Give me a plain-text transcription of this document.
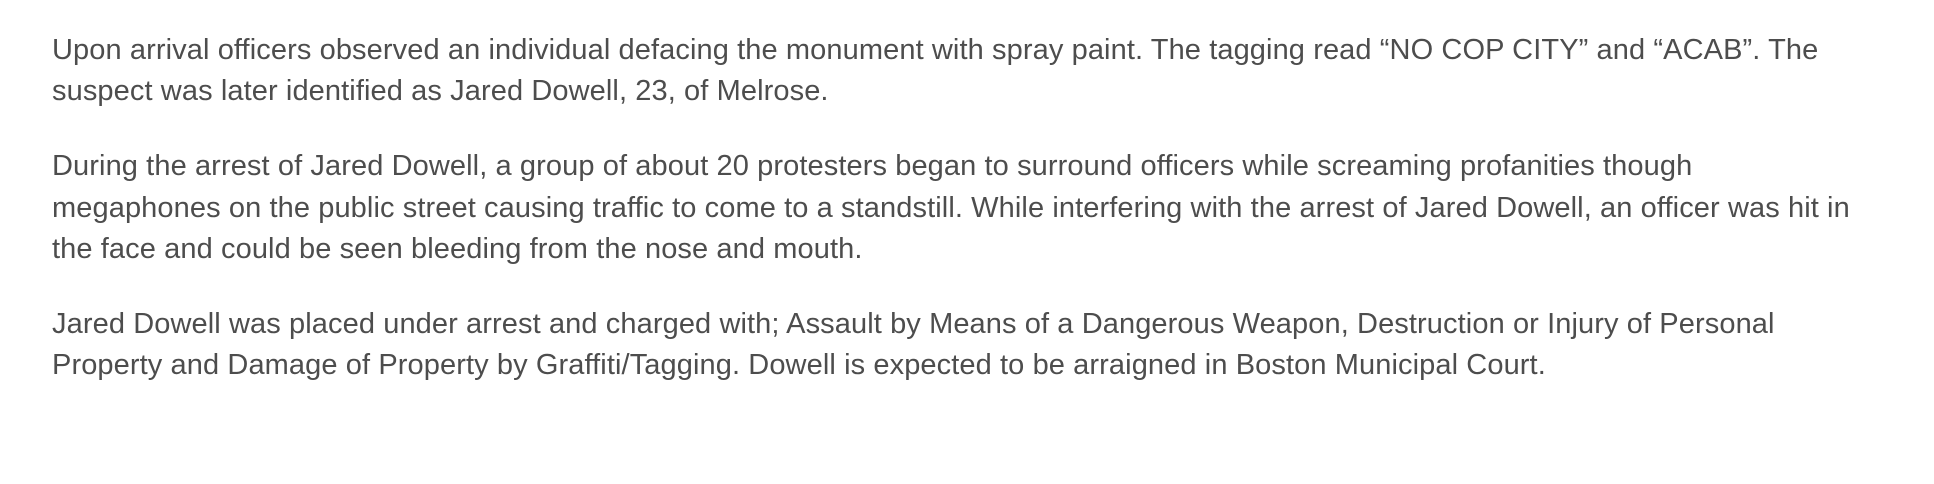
Upon arrival officers observed an individual defacing the monument with spray paint. The tagging read “NO COP CITY” and “ACAB”. The suspect was later identified as Jared Dowell, 23, of Melrose.

During the arrest of Jared Dowell, a group of about 20 protesters began to surround officers while screaming profanities though megaphones on the public street causing traffic to come to a standstill. While interfering with the arrest of Jared Dowell, an officer was hit in the face and could be seen bleeding from the nose and mouth.

Jared Dowell was placed under arrest and charged with; Assault by Means of a Dangerous Weapon, Destruction or Injury of Personal Property and Damage of Property by Graffiti/Tagging. Dowell is expected to be arraigned in Boston Municipal Court.
